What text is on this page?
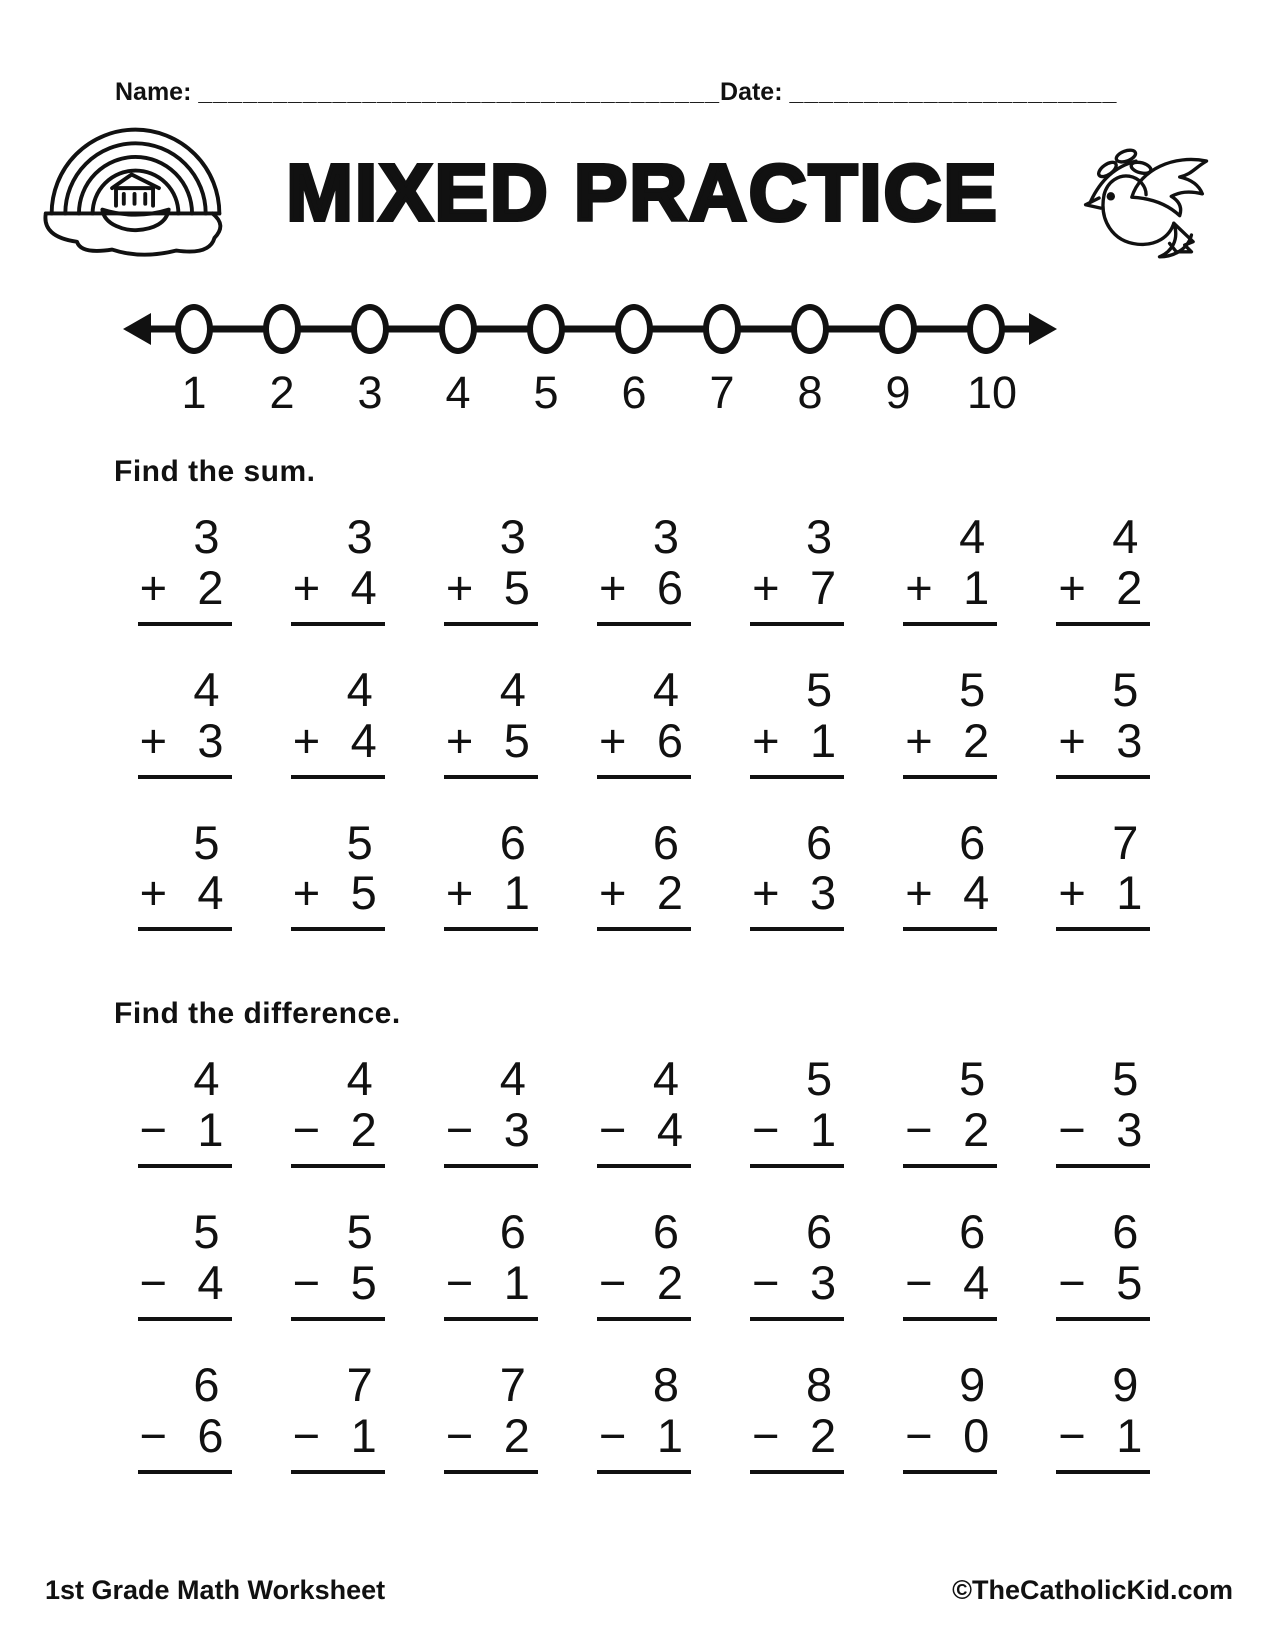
Name: ___________________________________ Date: ______________________
MIXED PRACTICE
1 2 3 4 5 6 7 8 9 10
Find the sum.
3
+ 2
3
+ 4
3
+ 5
3
+ 6
3
+ 7
4
+ 1
4
+ 2
4
+ 3
4
+ 4
4
+ 5
4
+ 6
5
+ 1
5
+ 2
5
+ 3
5
+ 4
5
+ 5
6
+ 1
6
+ 2
6
+ 3
6
+ 4
7
+ 1
Find the difference.
4
− 1
4
− 2
4
− 3
4
− 4
5
− 1
5
− 2
5
− 3
5
− 4
5
− 5
6
− 1
6
− 2
6
− 3
6
− 4
6
− 5
6
− 6
7
− 1
7
− 2
8
− 1
8
− 2
9
− 0
9
− 1
1st Grade Math Worksheet	©TheCatholicKid.com
